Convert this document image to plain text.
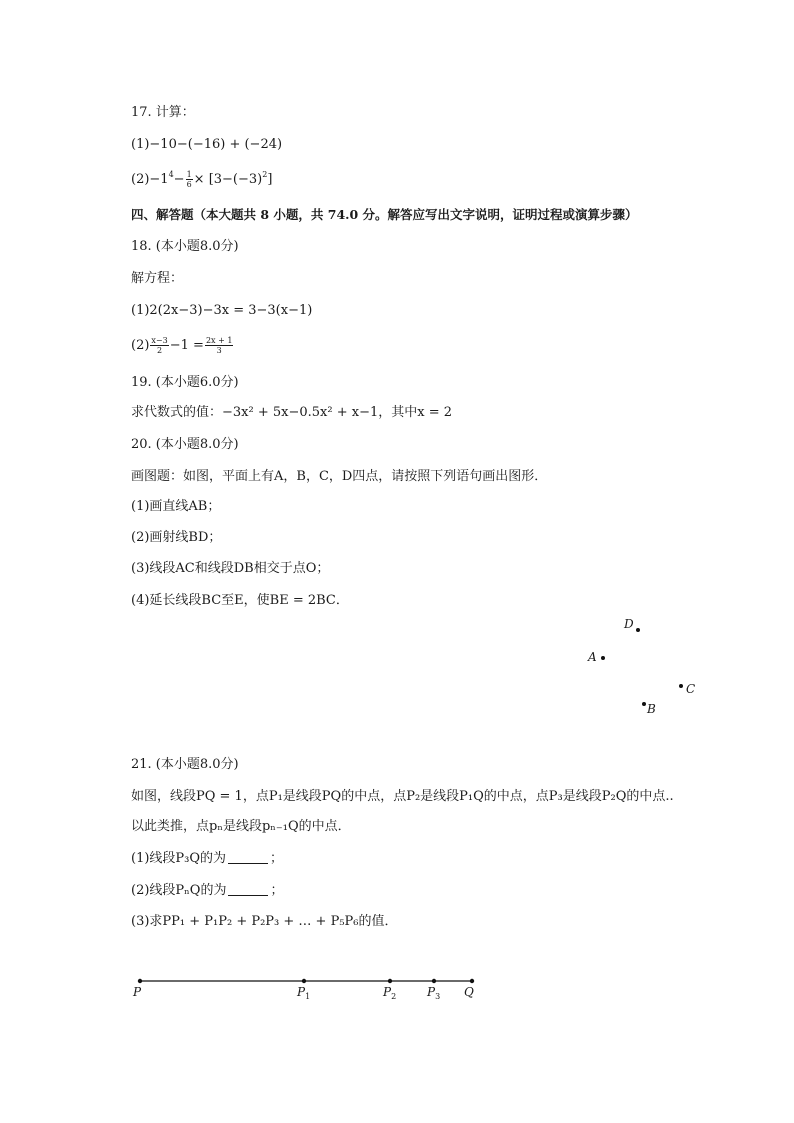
17. 计算：
(1)−10−(−16) + (−24)
$(2)-1^4- \frac{1}{6} \times [3-(-3)^2]$
四、解答题（本大题共 8 小题，共 74.0 分。解答应写出文字说明，证明过程或演算步骤）
18. (本小题8.0分)
解方程：
(1)2(2x−3)−3x = 3−3(x−1)
$(2) \frac{x-3}{2} -1 = \frac{2x + 1}{3}$
19. (本小题6.0分)
求代数式的值：−3x² + 5x−0.5x² + x−1，其中x = 2
20. (本小题8.0分)
画图题：如图，平面上有A，B，C，D四点，请按照下列语句画出图形．
(1)画直线AB；
(2)画射线BD；
(3)线段AC和线段DB相交于点O；
(4)延长线段BC至E，使BE = 2BC．
D
A
C
B
21. (本小题8.0分)
如图，线段PQ = 1，点P₁是线段PQ的中点，点P₂是线段P₁Q的中点，点P₃是线段P₂Q的中点..
以此类推，点pₙ是线段pₙ₋₁Q的中点．
(1)线段P₃Q的为	；
(2)线段PₙQ的为	；
(3)求PP₁ + P₁P₂ + P₂P₃ + … + P₅P₆的值．
P	$P_1$	$P_2$	$P_3$ Q
